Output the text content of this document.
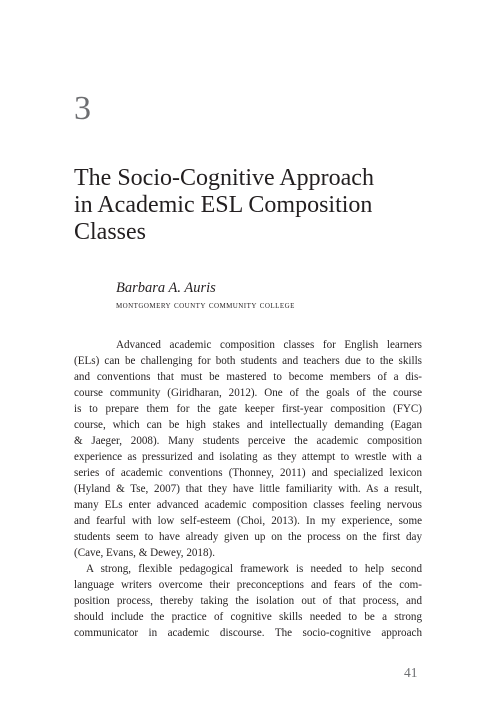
3
The Socio-Cognitive Approach
in Academic ESL Composition
Classes
Barbara A. Auris
montgomery county community college

Advanced academic composition classes for English learners
(ELs) can be challenging for both students and teachers due to the skills
and conventions that must be mastered to become members of a dis-
course community (Giridharan, 2012). One of the goals of the course
is to prepare them for the gate keeper first-year composition (FYC)
course, which can be high stakes and intellectually demanding (Eagan
& Jaeger, 2008). Many students perceive the academic composition
experience as pressurized and isolating as they attempt to wrestle with a
series of academic conventions (Thonney, 2011) and specialized lexicon
(Hyland & Tse, 2007) that they have little familiarity with. As a result,
many ELs enter advanced academic composition classes feeling nervous
and fearful with low self-esteem (Choi, 2013). In my experience, some
students seem to have already given up on the process on the first day
(Cave, Evans, & Dewey, 2018).

A strong, flexible pedagogical framework is needed to help second
language writers overcome their preconceptions and fears of the com-
position process, thereby taking the isolation out of that process, and
should include the practice of cognitive skills needed to be a strong
communicator in academic discourse. The socio-cognitive approach

41
